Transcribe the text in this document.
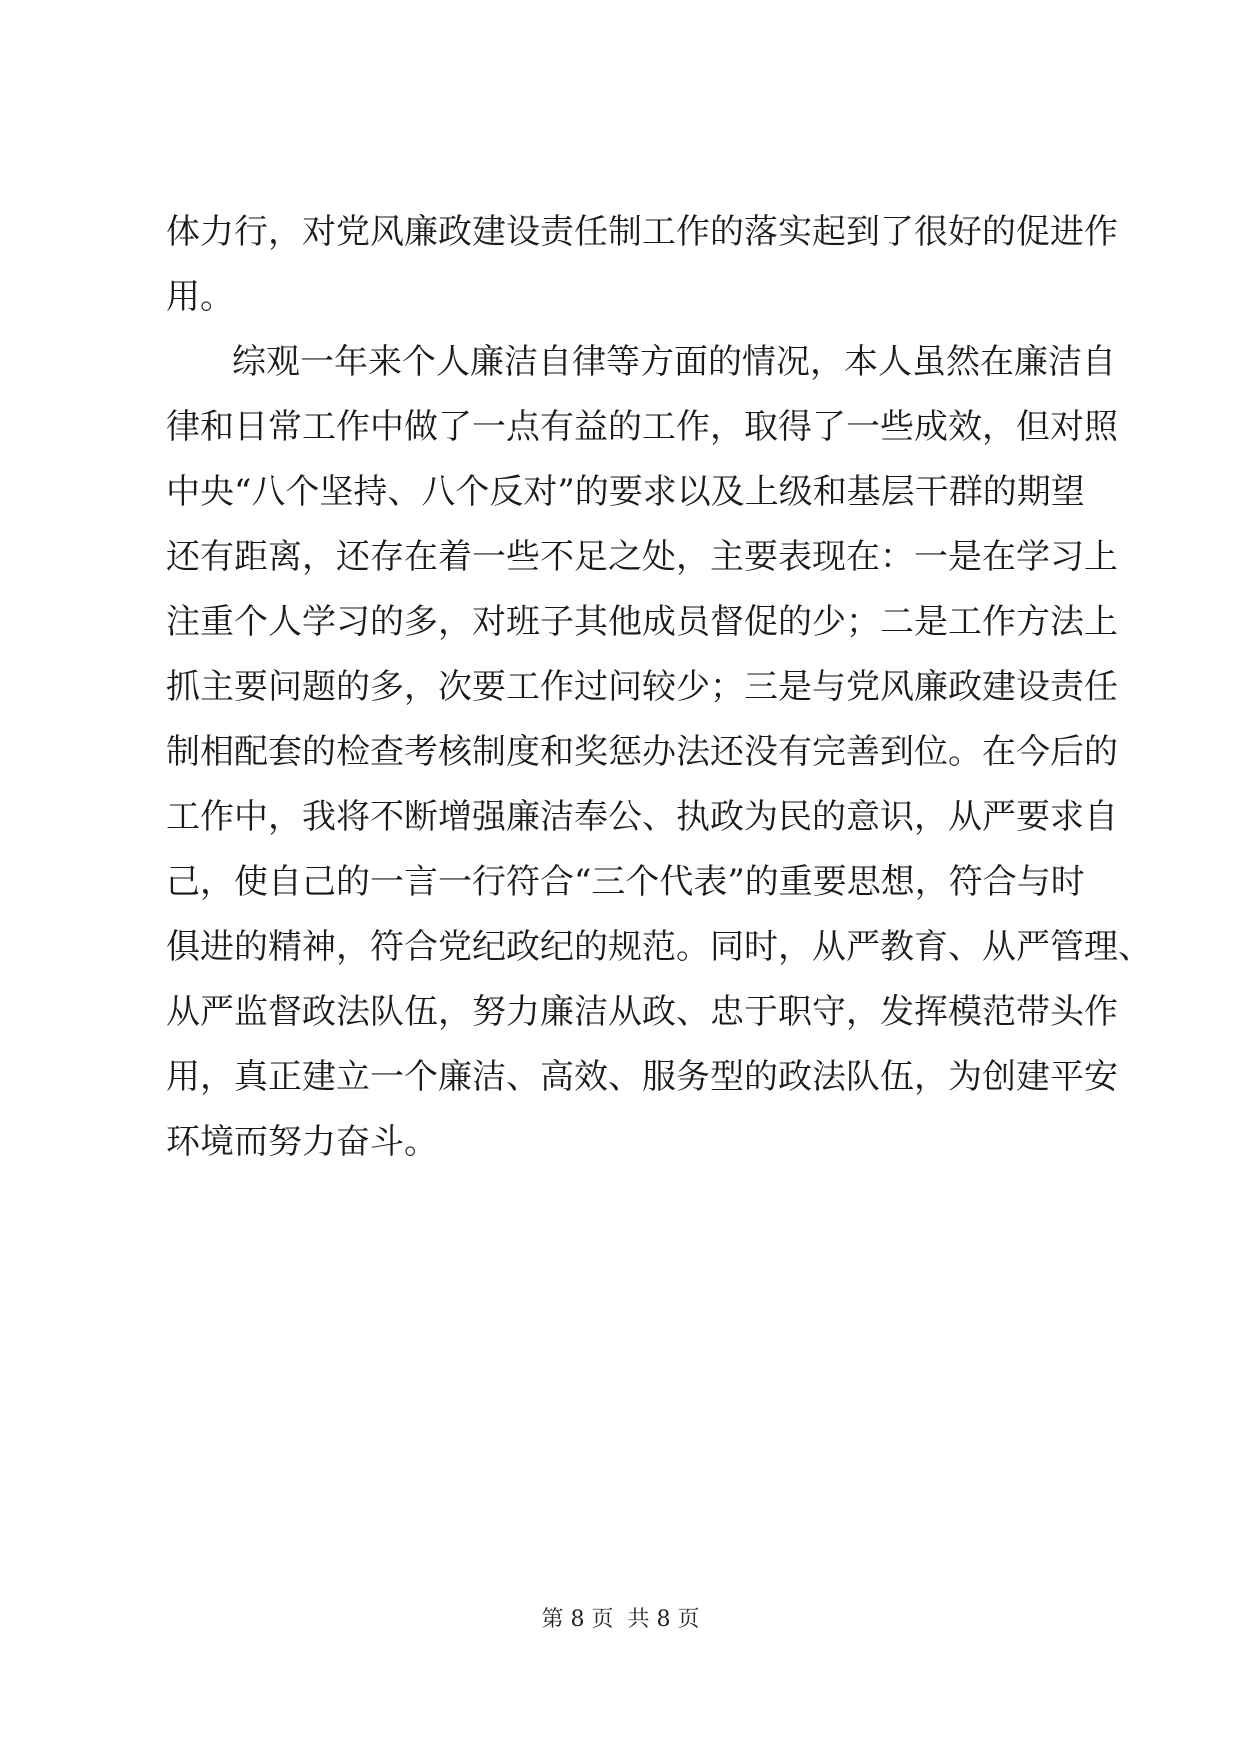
体力行，对党风廉政建设责任制工作的落实起到了很好的促进作
用。
综观一年来个人廉洁自律等方面的情况，本人虽然在廉洁自
律和日常工作中做了一点有益的工作，取得了一些成效，但对照
中央“八个坚持、八个反对”的要求以及上级和基层干群的期望
还有距离，还存在着一些不足之处，主要表现在：一是在学习上
注重个人学习的多，对班子其他成员督促的少；二是工作方法上
抓主要问题的多，次要工作过问较少；三是与党风廉政建设责任
制相配套的检查考核制度和奖惩办法还没有完善到位。在今后的
工作中，我将不断增强廉洁奉公、执政为民的意识，从严要求自
己，使自己的一言一行符合“三个代表”的重要思想，符合与时
俱进的精神，符合党纪政纪的规范。同时，从严教育、从严管理、
从严监督政法队伍，努力廉洁从政、忠于职守，发挥模范带头作
用，真正建立一个廉洁、高效、服务型的政法队伍，为创建平安
环境而努力奋斗。
第 8 页  共 8 页
